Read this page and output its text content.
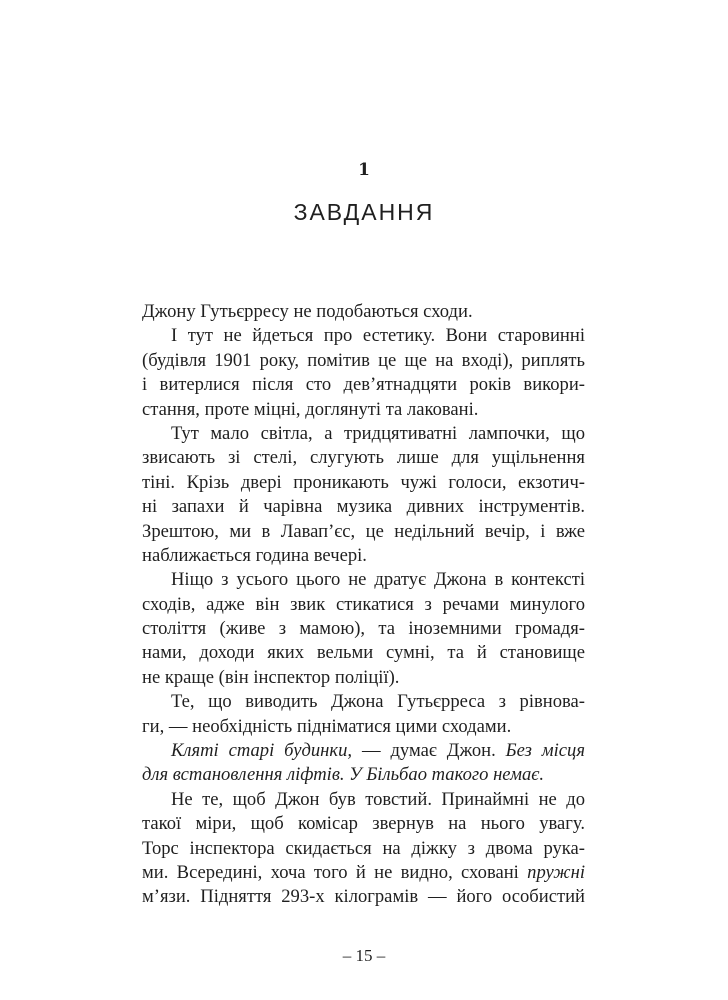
1
ЗАВДАННЯ
Джону Гутьєрресу не подобаються сходи.
І тут не йдеться про естетику. Вони старовинні
(будівля 1901 року, помітив це ще на вході), риплять
і витерлися після сто дев’ятнадцяти років викори-
стання, проте міцні, доглянуті та лаковані.
Тут мало світла, а тридцятиватні лампочки, що
звисають зі стелі, слугують лише для ущільнення
тіні. Крізь двері проникають чужі голоси, екзотич-
ні запахи й чарівна музика дивних інструментів.
Зрештою, ми в Лавап’єс, це недільний вечір, і вже
наближається година вечері.
Ніщо з усього цього не дратує Джона в контексті
сходів, адже він звик стикатися з речами минулого
століття (живе з мамою), та іноземними громадя-
нами, доходи яких вельми сумні, та й становище
не краще (він інспектор поліції).
Те, що виводить Джона Гутьєрреса з рівнова-
ги, — необхідність підніматися цими сходами.
Кляті старі будинки, — думає Джон. Без місця
для встановлення ліфтів. У Більбао такого немає.
Не те, щоб Джон був товстий. Принаймні не до
такої міри, щоб комісар звернув на нього увагу.
Торс інспектора скидається на діжку з двома рука-
ми. Всередині, хоча того й не видно, сховані пружні
м’язи. Підняття 293-х кілограмів — його особистий
– 15 –
